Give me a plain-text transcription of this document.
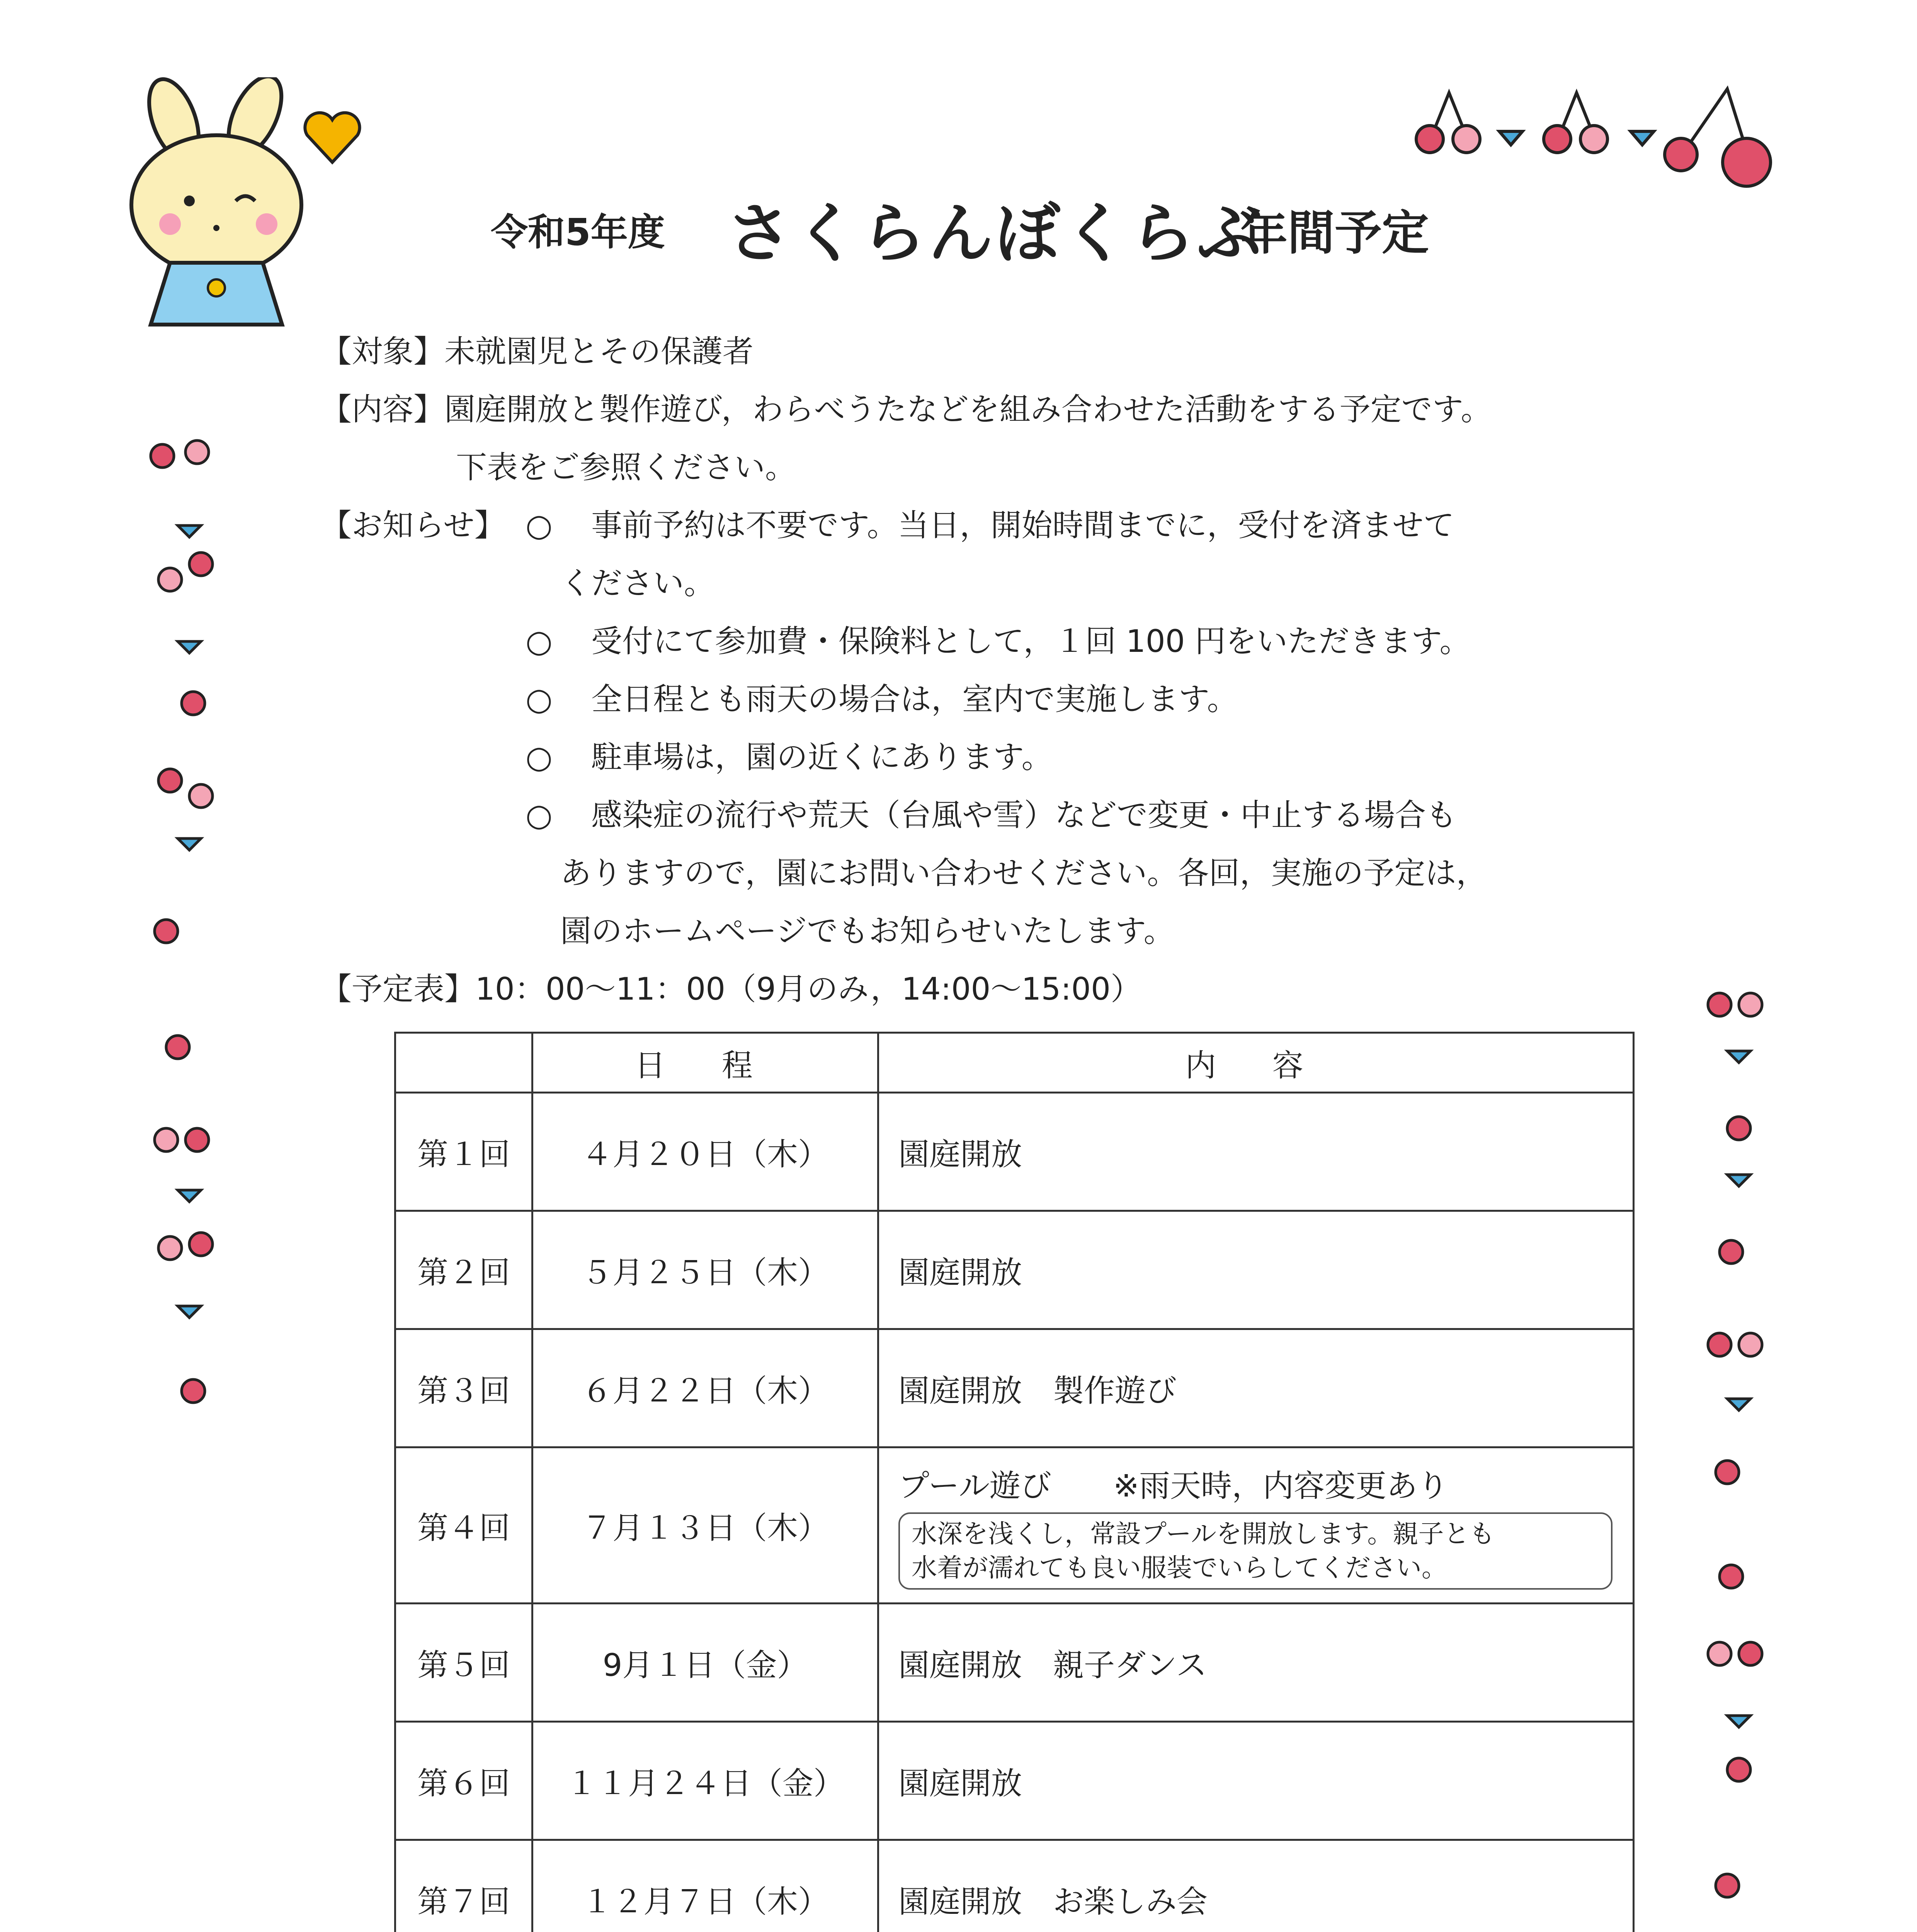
令和5年度 さくらんぼくらぶ
年間予定
【対象】未就園児とその保護者
【内容】園庭開放と製作遊び，わらべうたなどを組み合わせた活動をする予定です。
下表をご参照ください。
【お知らせ】 ○ 事前予約は不要です。当日，開始時間までに，受付を済ませて
ください。
○ 受付にて参加費・保険料として，１回 100 円をいただきます。
○ 全日程とも雨天の場合は，室内で実施します。
○ 駐車場は，園の近くにあります。
○ 感染症の流行や荒天（台風や雪）などで変更・中止する場合も
ありますので，園にお問い合わせください。各回，実施の予定は，
園のホームページでもお知らせいたします。
【予定表】10：00～11：00（9月のみ，14:00～15:00）
	日 程	内 容
第１回	４月２０日（木）	園庭開放
第２回	５月２５日（木）	園庭開放
第３回	６月２２日（木）	園庭開放　製作遊び
第４回	７月１３日（木）	プール遊び　　※雨天時，内容変更あり
水深を浅くし，常設プールを開放します。親子とも
水着が濡れても良い服装でいらしてください。

第５回	9月１日（金）	園庭開放　親子ダンス
第６回	１１月２４日（金）	園庭開放
第７回	１２月７日（木）	園庭開放　お楽しみ会
